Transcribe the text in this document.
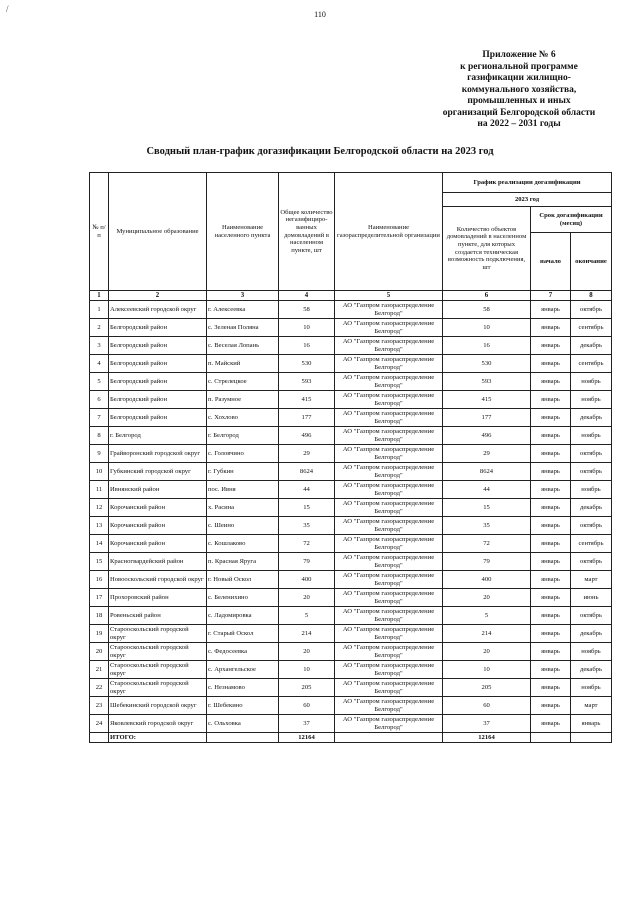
/
110
Приложение № 6
к региональной программе
газификации жилищно-
коммунального хозяйства,
промышленных и иных
организаций Белгородской области
на 2022 – 2031 годы
Сводный план-график догазификации Белгородской области на 2023 год
№ п/п	Муниципальное образование	Наименование населенного пункта	Общее количество негазифициро-ванных домовладений в населенном пункте, шт	Наименование газораспределительной организации	График реализации догазификации		
					2023 год		
					Количество объектов домовладений в населенном пункте, для которых создается техническая возможность подключения, шт	Срок догазификации (месяц)	
						начало	окончание
1	2	3	4	5	6	7	8
1	Алексеевский городской округ	г. Алексеевка	58	АО "Газпром газораспределение Белгород"	58	январь	октябрь
2	Белгородский район	с. Зеленая Поляна	10	АО "Газпром газораспределение Белгород"	10	январь	сентябрь
3	Белгородский район	с. Веселая Лопань	16	АО "Газпром газораспределение Белгород"	16	январь	декабрь
4	Белгородский район	п. Майский	530	АО "Газпром газораспределение Белгород"	530	январь	сентябрь
5	Белгородский район	с. Стрелецкое	593	АО "Газпром газораспределение Белгород"	593	январь	ноябрь
6	Белгородский район	п. Разумное	415	АО "Газпром газораспределение Белгород"	415	январь	ноябрь
7	Белгородский район	с. Хохлово	177	АО "Газпром газораспределение Белгород"	177	январь	декабрь
8	г. Белгород	г. Белгород	496	АО "Газпром газораспределение Белгород"	496	январь	ноябрь
9	Грайворонский городской округ	с. Головчино	29	АО "Газпром газораспределение Белгород"	29	январь	октябрь
10	Губкинский городской округ	г. Губкин	8624	АО "Газпром газораспределение Белгород"	8624	январь	октябрь
11	Ивнянский район	пос. Ивня	44	АО "Газпром газораспределение Белгород"	44	январь	ноябрь
12	Корочанский район	х. Расина	15	АО "Газпром газораспределение Белгород"	15	январь	декабрь
13	Корочанский район	с. Шеино	35	АО "Газпром газораспределение Белгород"	35	январь	октябрь
14	Корочанский район	с. Кошлаково	72	АО "Газпром газораспределение Белгород"	72	январь	сентябрь
15	Красногвардейский район	п. Красная Яруга	79	АО "Газпром газораспределение Белгород"	79	январь	октябрь
16	Новооскольский городской округ	г. Новый Оскол	400	АО "Газпром газораспределение Белгород"	400	январь	март
17	Прохоровский район	с. Беленихино	20	АО "Газпром газораспределение Белгород"	20	январь	июнь
18	Ровеньский район	с. Ладомировка	5	АО "Газпром газораспределение Белгород"	5	январь	октябрь
19	Старооскольский городской округ	г. Старый Оскол	214	АО "Газпром газораспределение Белгород"	214	январь	декабрь
20	Старооскольский городской округ	с. Федосеевка	20	АО "Газпром газораспределение Белгород"	20	январь	ноябрь
21	Старооскольский городской округ	с. Архангельское	10	АО "Газпром газораспределение Белгород"	10	январь	декабрь
22	Старооскольский городской округ	с. Незнамово	205	АО "Газпром газораспределение Белгород"	205	январь	ноябрь
23	Шебекинский городской округ	г. Шебекино	60	АО "Газпром газораспределение Белгород"	60	январь	март
24	Яковлевский городской округ	с. Ольховка	37	АО "Газпром газораспределение Белгород"	37	январь	январь
	ИТОГО:		12164		12164		
